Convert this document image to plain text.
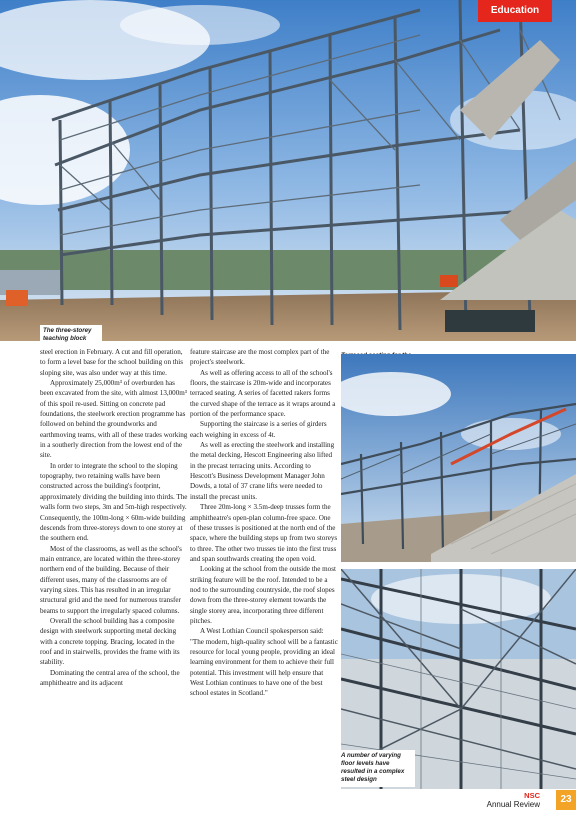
Education
The three-storey teaching block

steel erection in February. A cut and fill operation, to form a level base for the school building on this sloping site, was also under way at this time.

Approximately 25,000m³ of overburden has been excavated from the site, with almost 13,000m³ of this spoil re-used. Sitting on concrete pad foundations, the steelwork erection programme has followed on behind the groundworks and earthmoving teams, with all of these trades working in a southerly direction from the lowest end of the site.

In order to integrate the school to the sloping topography, two retaining walls have been constructed across the building's footprint, approximately dividing the building into thirds. The walls form two steps, 3m and 5m-high respectively. Consequently, the 100m-long × 60m-wide building descends from three-storeys down to one storey at the southern end.

Most of the classrooms, as well as the school's main entrance, are located within the three-storey northern end of the building. Because of their different uses, many of the classrooms are of varying sizes. This has resulted in an irregular structural grid and the need for numerous transfer beams to support the irregularly spaced columns.

Overall the school building has a composite design with steelwork supporting metal decking with a concrete topping. Bracing, located in the roof and in stairwells, provides the frame with its stability.

Dominating the central area of the school, the amphitheatre and its adjacent

feature staircase are the most complex part of the project's steelwork.

As well as offering access to all of the school's floors, the staircase is 20m-wide and incorporates terraced seating. A series of facetted rakers forms the curved shape of the terrace as it wraps around a portion of the performance space.

Supporting the staircase is a series of girders each weighing in excess of 4t.

As well as erecting the steelwork and installing the metal decking, Hescott Engineering also lifted in the precast terracing units. According to Hescott's Business Development Manager John Dowds, a total of 37 crane lifts were needed to install the precast units.

Three 20m-long × 3.5m-deep trusses form the amphitheatre's open-plan column-free space. One of these trusses is positioned at the north end of the space, where the building steps up from two storeys to three. The other two trusses tie into the first truss and span southwards creating the open void.

Looking at the school from the outside the most striking feature will be the roof. Intended to be a nod to the surrounding countryside, the roof slopes down from the three-storey element towards the single storey area, incorporating three different pitches.

A West Lothian Council spokesperson said: "The modern, high-quality school will be a fantastic resource for local young people, providing an ideal learning environment for them to achieve their full potential. This investment will help ensure that West Lothian continues to have one of the best school estates in Scotland."

A number of varying floor levels have resulted in a complex steel design
NSC
Annual Review	23
